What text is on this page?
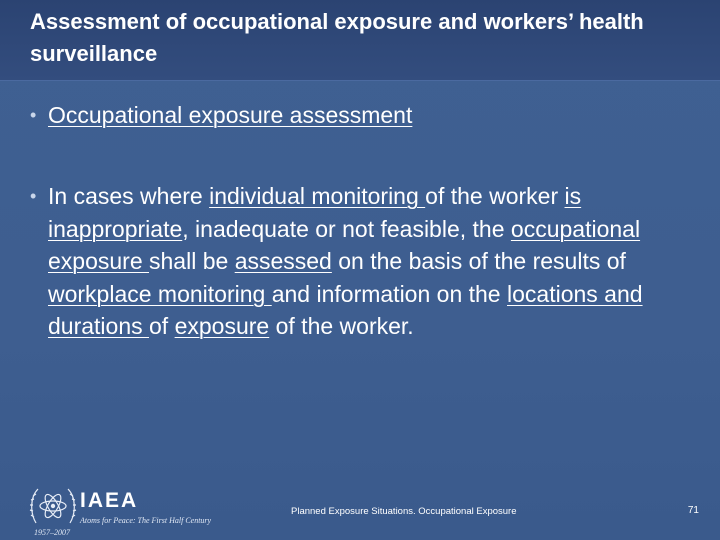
Assessment of occupational exposure and workers’ health surveillance
• Occupational exposure assessment
• In cases where individual monitoring of the worker is inappropriate, inadequate or not feasible, the occupational exposure shall be assessed on the basis of the results of workplace monitoring and information on the locations and durations of exposure of the worker.
IAEA
Atoms for Peace: The First Half Century
1957–2007
Planned Exposure Situations. Occupational Exposure	71
